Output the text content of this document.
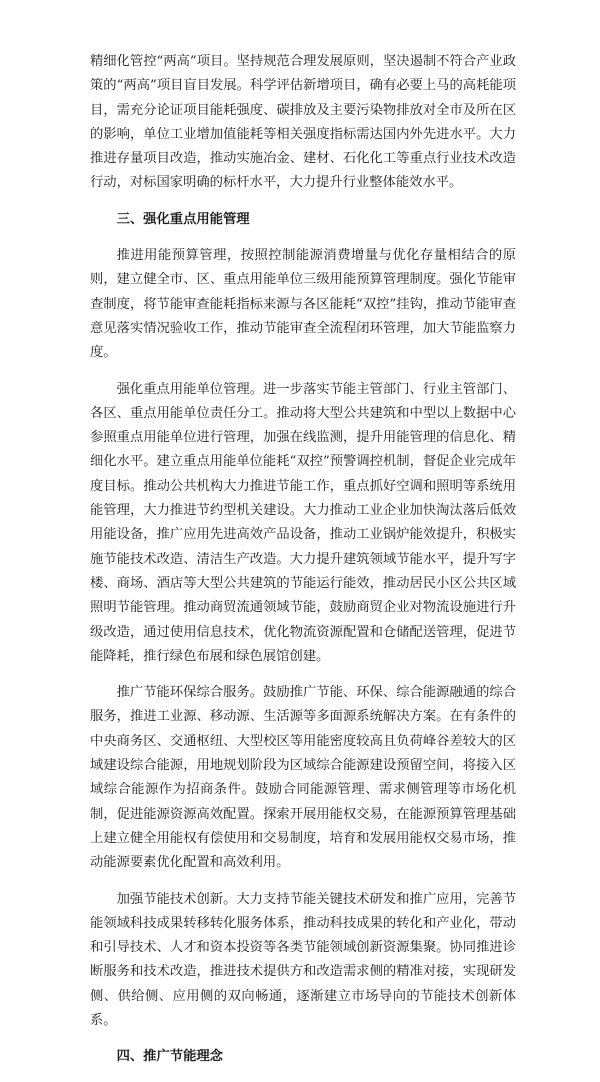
精细化管控“两高”项目。坚持规范合理发展原则，坚决遏制不符合产业政策的“两高”项目盲目发展。科学评估新增项目，确有必要上马的高耗能项目，需充分论证项目能耗强度、碳排放及主要污染物排放对全市及所在区的影响，单位工业增加值能耗等相关强度指标需达国内外先进水平。大力推进存量项目改造，推动实施冶金、建材、石化化工等重点行业技术改造行动，对标国家明确的标杆水平，大力提升行业整体能效水平。

三、强化重点用能管理

推进用能预算管理，按照控制能源消费增量与优化存量相结合的原则，建立健全市、区、重点用能单位三级用能预算管理制度。强化节能审查制度，将节能审查能耗指标来源与各区能耗“双控”挂钩，推动节能审查意见落实情况验收工作，推动节能审查全流程闭环管理，加大节能监察力度。

强化重点用能单位管理。进一步落实节能主管部门、行业主管部门、各区、重点用能单位责任分工。推动将大型公共建筑和中型以上数据中心参照重点用能单位进行管理，加强在线监测，提升用能管理的信息化、精细化水平。建立重点用能单位能耗“双控”预警调控机制，督促企业完成年度目标。推动公共机构大力推进节能工作，重点抓好空调和照明等系统用能管理，大力推进节约型机关建设。大力推动工业企业加快淘汰落后低效用能设备，推广应用先进高效产品设备，推动工业锅炉能效提升，积极实施节能技术改造、清洁生产改造。大力提升建筑领域节能水平，提升写字楼、商场、酒店等大型公共建筑的节能运行能效，推动居民小区公共区域照明节能管理。推动商贸流通领域节能，鼓励商贸企业对物流设施进行升级改造，通过使用信息技术，优化物流资源配置和仓储配送管理，促进节能降耗，推行绿色布展和绿色展馆创建。

推广节能环保综合服务。鼓励推广节能、环保、综合能源融通的综合服务，推进工业源、移动源、生活源等多面源系统解决方案。在有条件的中央商务区、交通枢纽、大型校区等用能密度较高且负荷峰谷差较大的区域建设综合能源，用地规划阶段为区域综合能源建设预留空间，将接入区域综合能源作为招商条件。鼓励合同能源管理、需求侧管理等市场化机制，促进能源资源高效配置。探索开展用能权交易，在能源预算管理基础上建立健全用能权有偿使用和交易制度，培育和发展用能权交易市场，推动能源要素优化配置和高效利用。

加强节能技术创新。大力支持节能关键技术研发和推广应用，完善节能领域科技成果转移转化服务体系，推动科技成果的转化和产业化，带动和引导技术、人才和资本投资等各类节能领域创新资源集聚。协同推进诊断服务和技术改造，推进技术提供方和改造需求侧的精准对接，实现研发侧、供给侧、应用侧的双向畅通，逐渐建立市场导向的节能技术创新体系。

四、推广节能理念
